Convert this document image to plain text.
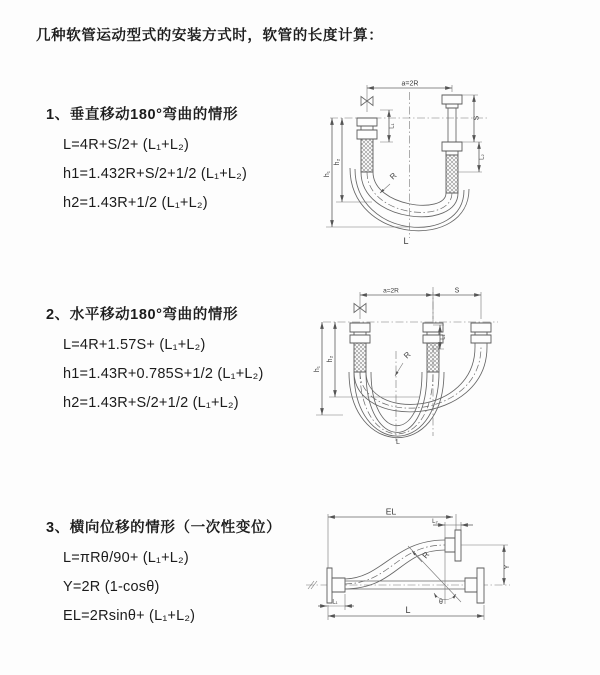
几种软管运动型式的安装方式时，软管的长度计算：
1、垂直移动180°弯曲的情形
L=4R+S/2+ (L₁+L₂)
h1=1.432R+S/2+1/2 (L₁+L₂)
h2=1.43R+1/2 (L₁+L₂)
2、水平移动180°弯曲的情形
L=4R+1.57S+ (L₁+L₂)
h1=1.43R+0.785S+1/2 (L₁+L₂)
h2=1.43R+S/2+1/2 (L₁+L₂)
3、横向位移的情形（一次性变位）
L=πRθ/90+ (L₁+L₂)
Y=2R (1-cosθ)
EL=2Rsinθ+ (L₁+L₂)
a=2R
h₁
h₂
S
L₂
L₁
R
L
a=2R	S
h₁
h₂
L₁
R
L
θ
EL
L₂
Y
L
L₁
R
